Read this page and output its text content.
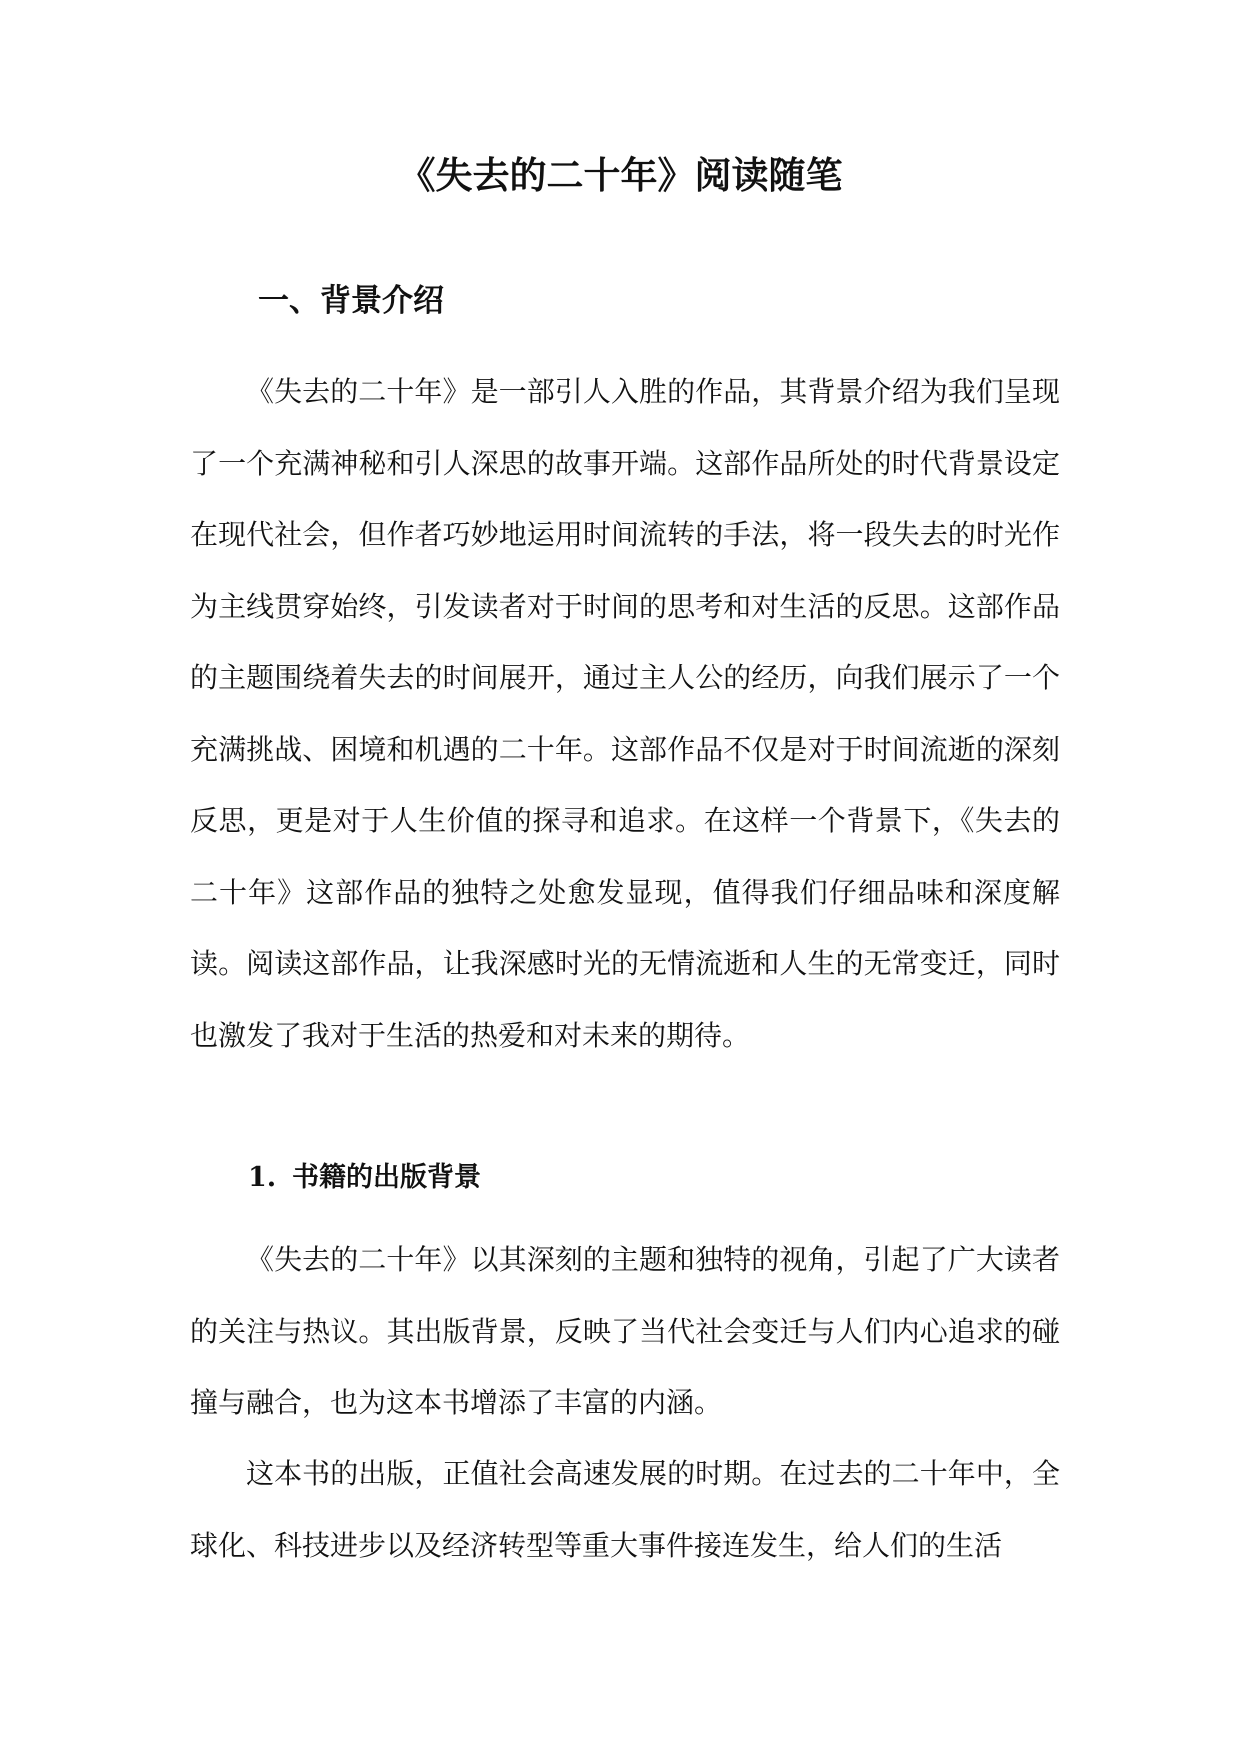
《失去的二十年》阅读随笔
一、背景介绍

《失去的二十年》是一部引人入胜的作品，其背景介绍为我们呈现了一个充满神秘和引人深思的故事开端。这部作品所处的时代背景设定在现代社会，但作者巧妙地运用时间流转的手法，将一段失去的时光作为主线贯穿始终，引发读者对于时间的思考和对生活的反思。这部作品的主题围绕着失去的时间展开，通过主人公的经历，向我们展示了一个充满挑战、困境和机遇的二十年。这部作品不仅是对于时间流逝的深刻反思，更是对于人生价值的探寻和追求。在这样一个背景下，《失去的二十年》这部作品的独特之处愈发显现，值得我们仔细品味和深度解读。阅读这部作品，让我深感时光的无情流逝和人生的无常变迁，同时也激发了我对于生活的热爱和对未来的期待。

1. 书籍的出版背景

《失去的二十年》以其深刻的主题和独特的视角，引起了广大读者的关注与热议。其出版背景，反映了当代社会变迁与人们内心追求的碰撞与融合，也为这本书增添了丰富的内涵。

这本书的出版，正值社会高速发展的时期。在过去的二十年中，全球化、科技进步以及经济转型等重大事件接连发生，给人们的生活
